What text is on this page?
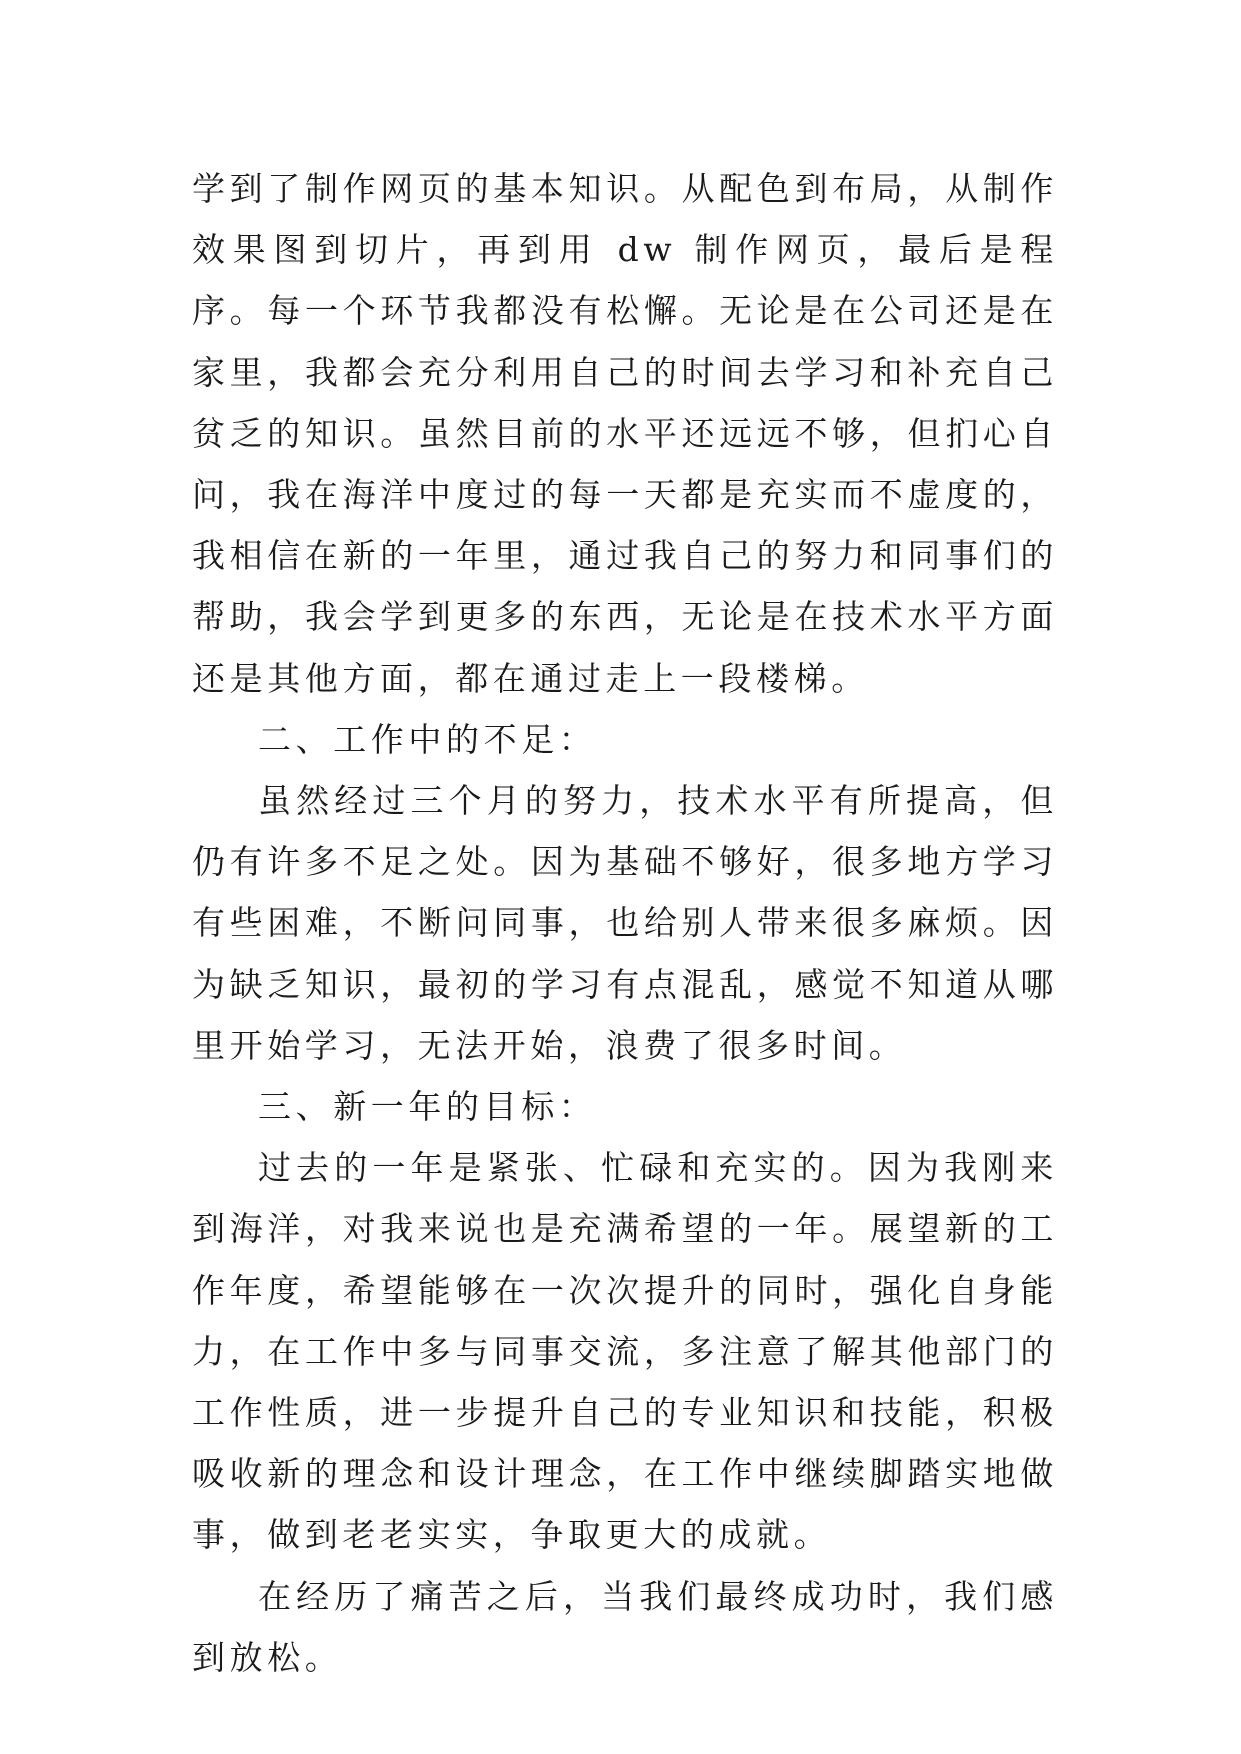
学到了制作网页的基本知识。从配色到布局，从制作效果图到切片，再到用 dw 制作网页，最后是程序。每一个环节我都没有松懈。无论是在公司还是在家里，我都会充分利用自己的时间去学习和补充自己贫乏的知识。虽然目前的水平还远远不够，但扪心自问，我在海洋中度过的每一天都是充实而不虚度的，我相信在新的一年里，通过我自己的努力和同事们的帮助，我会学到更多的东西，无论是在技术水平方面还是其他方面，都在通过走上一段楼梯。

二、工作中的不足：

虽然经过三个月的努力，技术水平有所提高，但仍有许多不足之处。因为基础不够好，很多地方学习有些困难，不断问同事，也给别人带来很多麻烦。因为缺乏知识，最初的学习有点混乱，感觉不知道从哪里开始学习，无法开始，浪费了很多时间。

三、新一年的目标：

过去的一年是紧张、忙碌和充实的。因为我刚来到海洋，对我来说也是充满希望的一年。展望新的工作年度，希望能够在一次次提升的同时，强化自身能力，在工作中多与同事交流，多注意了解其他部门的工作性质，进一步提升自己的专业知识和技能，积极吸收新的理念和设计理念，在工作中继续脚踏实地做事，做到老老实实，争取更大的成就。

在经历了痛苦之后，当我们最终成功时，我们感到放松。
